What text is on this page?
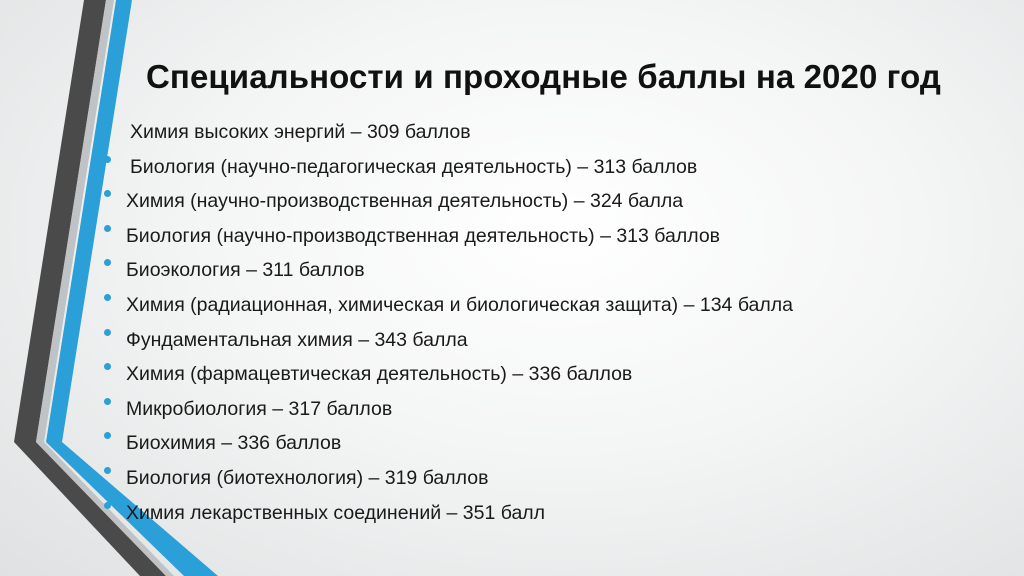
Специальности и проходные баллы на 2020 год
Химия высоких энергий – 309 баллов
Биология (научно-педагогическая деятельность) – 313 баллов
Химия (научно-производственная деятельность) – 324 балла
Биология (научно-производственная деятельность) – 313 баллов
Биоэкология – 311 баллов
Химия (радиационная, химическая и биологическая защита) – 134 балла
Фундаментальная химия – 343 балла
Химия (фармацевтическая деятельность) – 336 баллов
Микробиология – 317 баллов
Биохимия – 336 баллов
Биология (биотехнология) – 319 баллов
Химия лекарственных соединений – 351 балл
